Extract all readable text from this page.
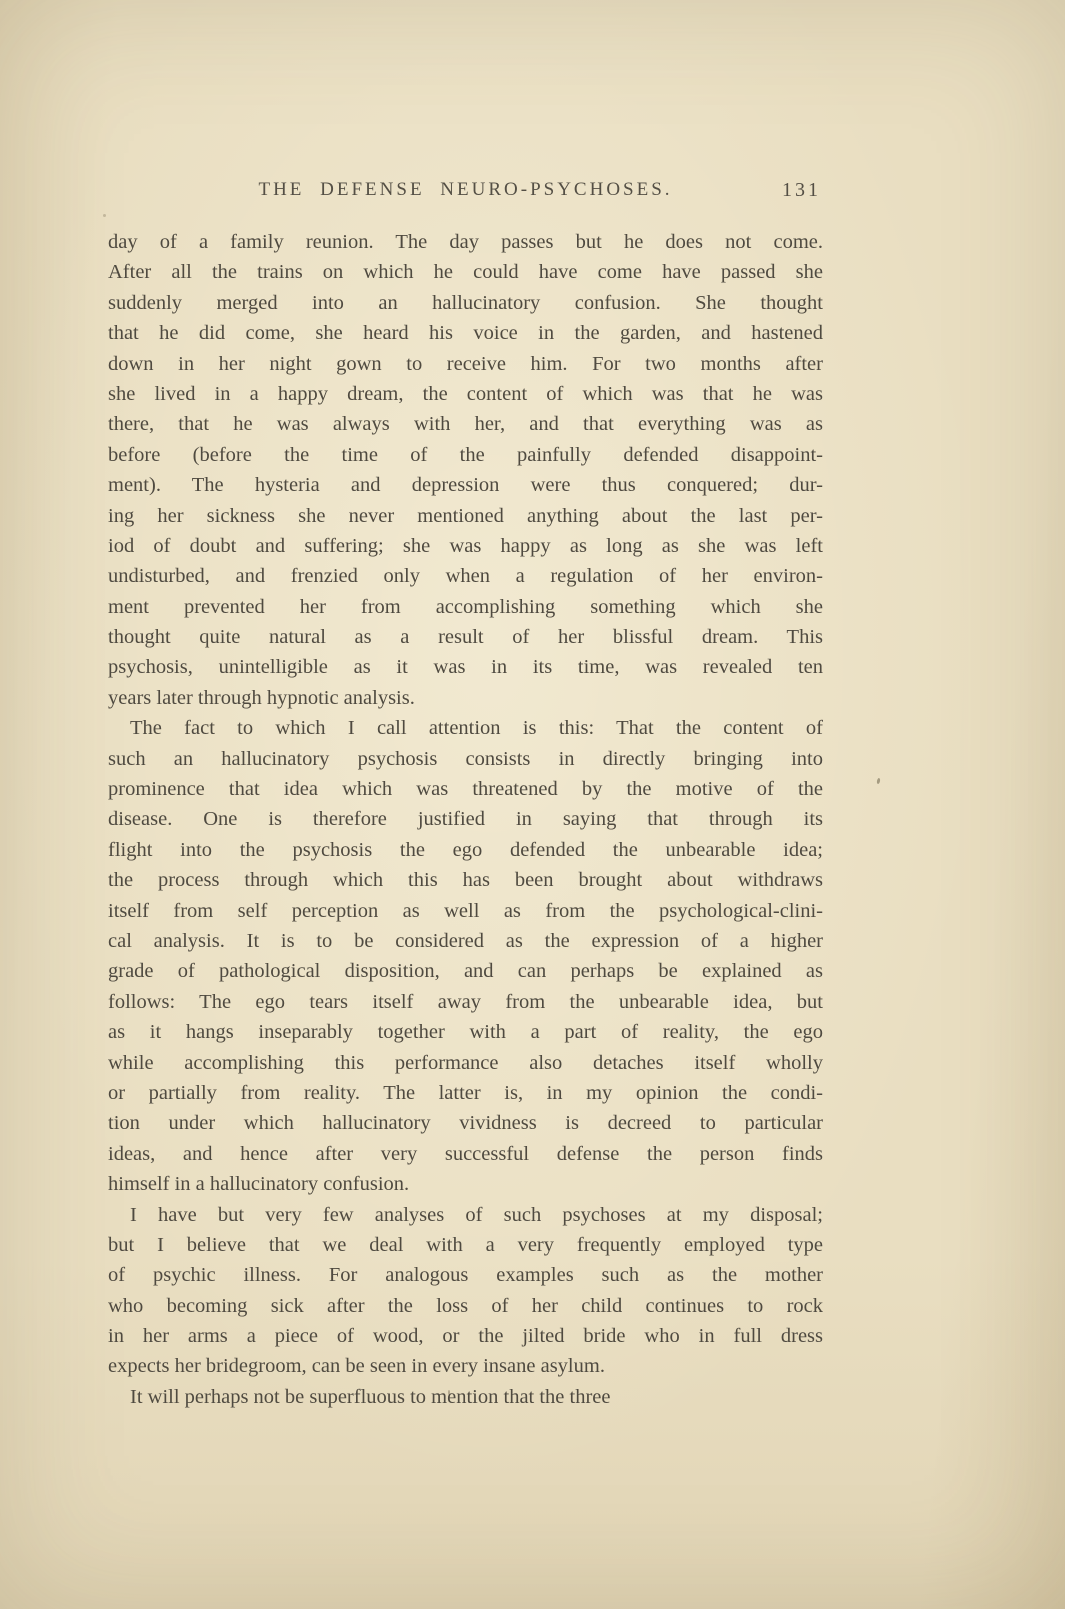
THE DEFENSE NEURO-PSYCHOSES.	131
day of a family reunion. The day passes but he does not come.
After all the trains on which he could have come have passed she
suddenly merged into an hallucinatory confusion. She thought
that he did come, she heard his voice in the garden, and hastened
down in her night gown to receive him. For two months after
she lived in a happy dream, the content of which was that he was
there, that he was always with her, and that everything was as
before (before the time of the painfully defended disappoint-
ment). The hysteria and depression were thus conquered; dur-
ing her sickness she never mentioned anything about the last per-
iod of doubt and suffering; she was happy as long as she was left
undisturbed, and frenzied only when a regulation of her environ-
ment prevented her from accomplishing something which she
thought quite natural as a result of her blissful dream. This
psychosis, unintelligible as it was in its time, was revealed ten
years later through hypnotic analysis.
The fact to which I call attention is this: That the content of
such an hallucinatory psychosis consists in directly bringing into
prominence that idea which was threatened by the motive of the
disease. One is therefore justified in saying that through its
flight into the psychosis the ego defended the unbearable idea;
the process through which this has been brought about withdraws
itself from self perception as well as from the psychological-clini-
cal analysis. It is to be considered as the expression of a higher
grade of pathological disposition, and can perhaps be explained as
follows: The ego tears itself away from the unbearable idea, but
as it hangs inseparably together with a part of reality, the ego
while accomplishing this performance also detaches itself wholly
or partially from reality. The latter is, in my opinion the condi-
tion under which hallucinatory vividness is decreed to particular
ideas, and hence after very successful defense the person finds
himself in a hallucinatory confusion.
I have but very few analyses of such psychoses at my disposal;
but I believe that we deal with a very frequently employed type
of psychic illness. For analogous examples such as the mother
who becoming sick after the loss of her child continues to rock
in her arms a piece of wood, or the jilted bride who in full dress
expects her bridegroom, can be seen in every insane asylum.
It will perhaps not be superfluous to mention that the three
